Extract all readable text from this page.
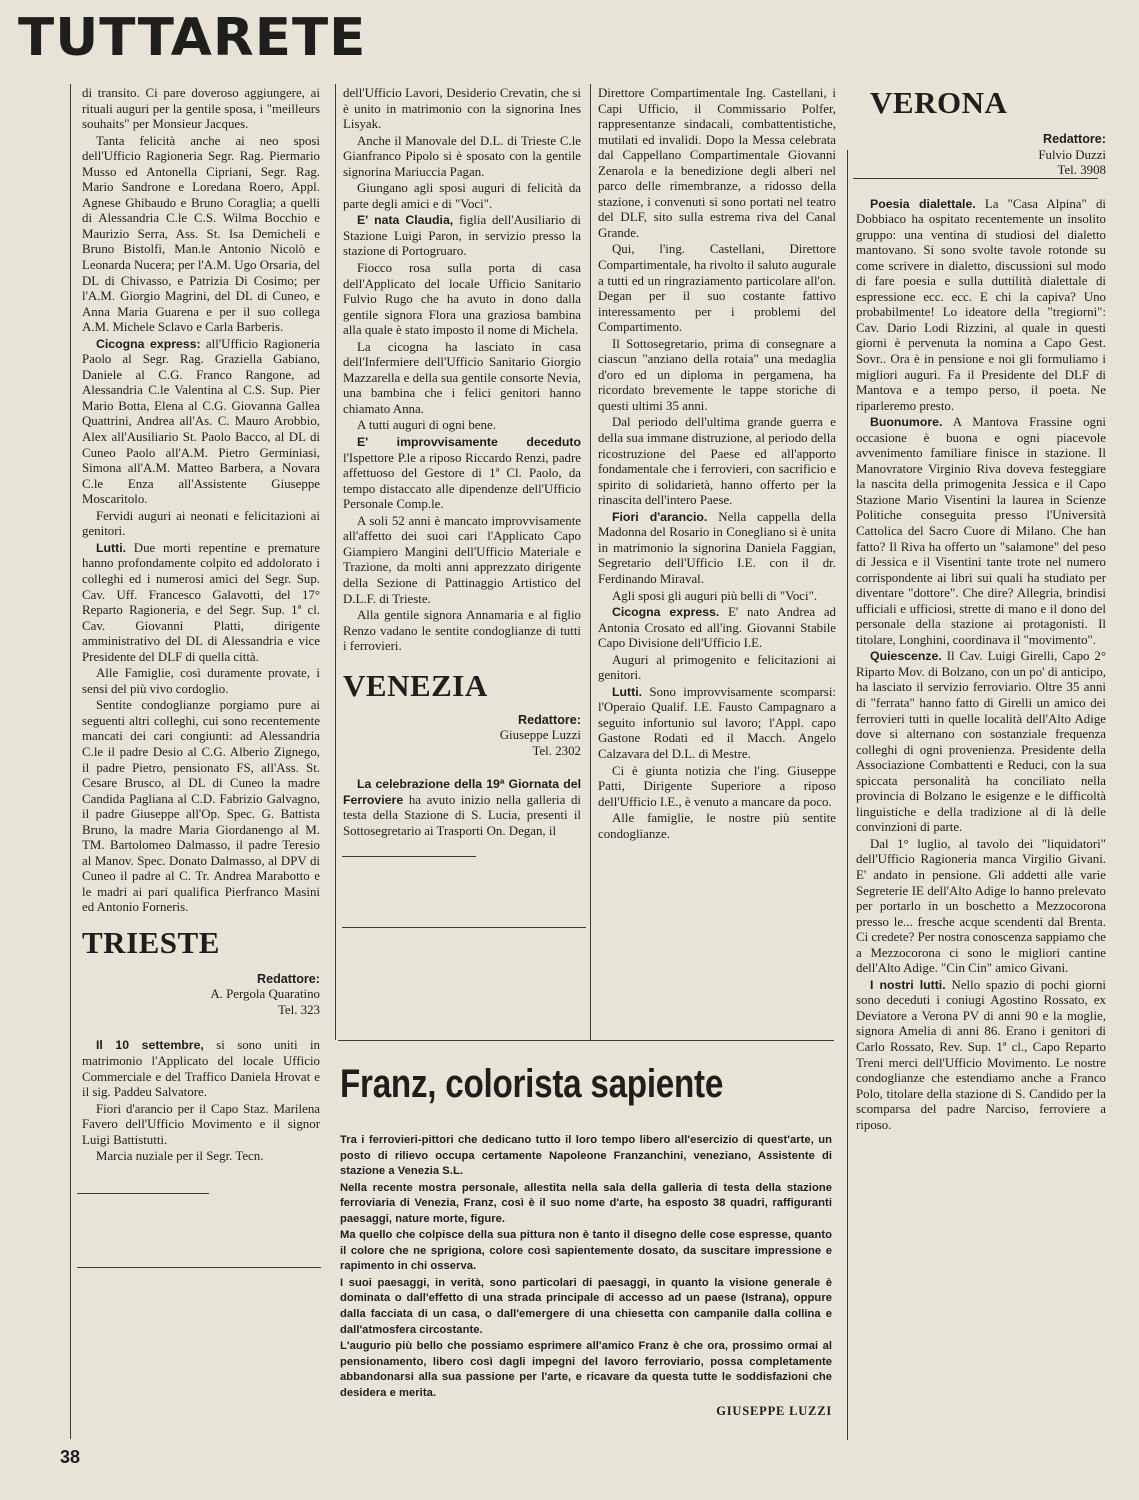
TUTTARETE

di transito. Ci pare doveroso aggiungere, ai rituali auguri per la gentile sposa, i "meilleurs souhaits" per Monsieur Jacques.

Tanta felicità anche ai neo sposi dell'Ufficio Ragioneria Segr. Rag. Piermario Musso ed Antonella Cipriani, Segr. Rag. Mario Sandrone e Loredana Roero, Appl. Agnese Ghibaudo e Bruno Coraglia; a quelli di Alessandria C.le C.S. Wilma Bocchio e Maurizio Serra, Ass. St. Isa Demicheli e Bruno Bistolfi, Man.le Antonio Nicolò e Leonarda Nucera; per l'A.M. Ugo Orsaria, del DL di Chivasso, e Patrizia Di Cosimo; per l'A.M. Giorgio Magrini, del DL di Cuneo, e Anna Maria Guarena e per il suo collega A.M. Michele Sclavo e Carla Barberis.

Cicogna express: all'Ufficio Ragioneria Paolo al Segr. Rag. Graziella Gabiano, Daniele al C.G. Franco Rangone, ad Alessandria C.le Valentina al C.S. Sup. Pier Mario Botta, Elena al C.G. Giovanna Gallea Quattrini, Andrea all'As. C. Mauro Arobbio, Alex all'Ausiliario St. Paolo Bacco, al DL di Cuneo Paolo all'A.M. Pietro Germiniasi, Simona all'A.M. Matteo Barbera, a Novara C.le Enza all'Assistente Giuseppe Moscaritolo.

Fervidi auguri ai neonati e felicitazioni ai genitori.

Lutti. Due morti repentine e premature hanno profondamente colpito ed addolorato i colleghi ed i numerosi amici del Segr. Sup. Cav. Uff. Francesco Galavotti, del 17° Reparto Ragioneria, e del Segr. Sup. 1ª cl. Cav. Giovanni Platti, dirigente amministrativo del DL di Alessandria e vice Presidente del DLF di quella città.

Alle Famiglie, così duramente provate, i sensi del più vivo cordoglio.

Sentite condoglianze porgiamo pure ai seguenti altri colleghi, cui sono recentemente mancati dei cari congiunti: ad Alessandria C.le il padre Desio al C.G. Alberio Zignego, il padre Pietro, pensionato FS, all'Ass. St. Cesare Brusco, al DL di Cuneo la madre Candida Pagliana al C.D. Fabrizio Galvagno, il padre Giuseppe all'Op. Spec. G. Battista Bruno, la madre Maria Giordanengo al M. TM. Bartolomeo Dalmasso, il padre Teresio al Manov. Spec. Donato Dalmasso, al DPV di Cuneo il padre al C. Tr. Andrea Marabotto e le madri ai pari qualifica Pierfranco Masini ed Antonio Forneris.

TRIESTE
Redattore:
A. Pergola Quaratino
Tel. 323

Il 10 settembre, si sono uniti in matrimonio l'Applicato del locale Ufficio Commerciale e del Traffico Daniela Hrovat e il sig. Paddeu Salvatore.

Fiori d'arancio per il Capo Staz. Marilena Favero dell'Ufficio Movimento e il signor Luigi Battistutti.

Marcia nuziale per il Segr. Tecn.

dell'Ufficio Lavori, Desiderio Crevatin, che si è unito in matrimonio con la signorina Ines Lisyak.

Anche il Manovale del D.L. di Trieste C.le Gianfranco Pipolo si è sposato con la gentile signorina Mariuccia Pagan.

Giungano agli sposi auguri di felicità da parte degli amici e di "Voci".

E' nata Claudia, figlia dell'Ausiliario di Stazione Luigi Paron, in servizio presso la stazione di Portogruaro.

Fiocco rosa sulla porta di casa dell'Applicato del locale Ufficio Sanitario Fulvio Rugo che ha avuto in dono dalla gentile signora Flora una graziosa bambina alla quale è stato imposto il nome di Michela.

La cicogna ha lasciato in casa dell'Infermiere dell'Ufficio Sanitario Giorgio Mazzarella e della sua gentile consorte Nevia, una bambina che i felici genitori hanno chiamato Anna.

A tutti auguri di ogni bene.

E' improvvisamente deceduto l'Ispettore P.le a riposo Riccardo Renzi, padre affettuoso del Gestore di 1ª Cl. Paolo, da tempo distaccato alle dipendenze dell'Ufficio Personale Comp.le.

A soli 52 anni è mancato improvvisamente all'affetto dei suoi cari l'Applicato Capo Giampiero Mangini dell'Ufficio Materiale e Trazione, da molti anni apprezzato dirigente della Sezione di Pattinaggio Artistico del D.L.F. di Trieste.

Alla gentile signora Annamaria e al figlio Renzo vadano le sentite condoglianze di tutti i ferrovieri.

VENEZIA
Redattore:
Giuseppe Luzzi
Tel. 2302

La celebrazione della 19ª Giornata del Ferroviere ha avuto inizio nella galleria di testa della Stazione di S. Lucia, presenti il Sottosegretario ai Trasporti On. Degan, il

Direttore Compartimentale Ing. Castellani, i Capi Ufficio, il Commissario Polfer, rappresentanze sindacali, combattentistiche, mutilati ed invalidi. Dopo la Messa celebrata dal Cappellano Compartimentale Giovanni Zenarola e la benedizione degli alberi nel parco delle rimembranze, a ridosso della stazione, i convenuti si sono portati nel teatro del DLF, sito sulla estrema riva del Canal Grande.

Qui, l'ing. Castellani, Direttore Compartimentale, ha rivolto il saluto augurale a tutti ed un ringraziamento particolare all'on. Degan per il suo costante fattivo interessamento per i problemi del Compartimento.

Il Sottosegretario, prima di consegnare a ciascun "anziano della rotaia" una medaglia d'oro ed un diploma in pergamena, ha ricordato brevemente le tappe storiche di questi ultimi 35 anni.

Dal periodo dell'ultima grande guerra e della sua immane distruzione, al periodo della ricostruzione del Paese ed all'apporto fondamentale che i ferrovieri, con sacrificio e spirito di solidarietà, hanno offerto per la rinascita dell'intero Paese.

Fiori d'arancio. Nella cappella della Madonna del Rosario in Conegliano si è unita in matrimonio la signorina Daniela Faggian, Segretario dell'Ufficio I.E. con il dr. Ferdinando Miraval.

Agli sposi gli auguri più belli di "Voci".

Cicogna express. E' nato Andrea ad Antonia Crosato ed all'ing. Giovanni Stabile Capo Divisione dell'Ufficio I.E.

Auguri al primogenito e felicitazioni ai genitori.

Lutti. Sono improvvisamente scomparsi: l'Operaio Qualif. I.E. Fausto Campagnaro a seguito infortunio sul lavoro; l'Appl. capo Gastone Rodati ed il Macch. Angelo Calzavara del D.L. di Mestre.

Ci è giunta notizia che l'ing. Giuseppe Patti, Dirigente Superiore a riposo dell'Ufficio I.E., è venuto a mancare da poco.

Alle famiglie, le nostre più sentite condoglianze.

VERONA
Redattore:
Fulvio Duzzi
Tel. 3908

Poesia dialettale. La "Casa Alpina" di Dobbiaco ha ospitato recentemente un insolito gruppo: una ventina di studiosi del dialetto mantovano. Si sono svolte tavole rotonde su come scrivere in dialetto, discussioni sul modo di fare poesia e sulla duttilità dialettale di espressione ecc. ecc. E chi la capiva? Uno probabilmente! Lo ideatore della "tregiorni": Cav. Dario Lodi Rizzini, al quale in questi giorni è pervenuta la nomina a Capo Gest. Sovr.. Ora è in pensione e noi gli formuliamo i migliori auguri. Fa il Presidente del DLF di Mantova e a tempo perso, il poeta. Ne riparleremo presto.

Buonumore. A Mantova Frassine ogni occasione è buona e ogni piacevole avvenimento familiare finisce in stazione. Il Manovratore Virginio Riva doveva festeggiare la nascita della primogenita Jessica e il Capo Stazione Mario Visentini la laurea in Scienze Politiche conseguita presso l'Università Cattolica del Sacro Cuore di Milano. Che han fatto? Il Riva ha offerto un "salamone" del peso di Jessica e il Visentini tante trote nel numero corrispondente ai libri sui quali ha studiato per diventare "dottore". Che dire? Allegria, brindisi ufficiali e ufficiosi, strette di mano e il dono del personale della stazione ai protagonisti. Il titolare, Longhini, coordinava il "movimento".

Quiescenze. Il Cav. Luigi Girelli, Capo 2° Riparto Mov. di Bolzano, con un po' di anticipo, ha lasciato il servizio ferroviario. Oltre 35 anni di "ferrata" hanno fatto di Girelli un amico dei ferrovieri tutti in quelle località dell'Alto Adige dove si alternano con sostanziale frequenza colleghi di ogni provenienza. Presidente della Associazione Combattenti e Reduci, con la sua spiccata personalità ha conciliato nella provincia di Bolzano le esigenze e le difficoltà linguistiche e della tradizione al di là delle convinzioni di parte.

Dal 1° luglio, al tavolo dei "liquidatori" dell'Ufficio Ragioneria manca Virgilio Givani. E' andato in pensione. Gli addetti alle varie Segreterie IE dell'Alto Adige lo hanno prelevato per portarlo in un boschetto a Mezzocorona presso le... fresche acque scendenti dal Brenta. Ci credete? Per nostra conoscenza sappiamo che a Mezzocorona ci sono le migliori cantine dell'Alto Adige. "Cin Cin" amico Givani.

I nostri lutti. Nello spazio di pochi giorni sono deceduti i coniugi Agostino Rossato, ex Deviatore a Verona PV di anni 90 e la moglie, signora Amelia di anni 86. Erano i genitori di Carlo Rossato, Rev. Sup. 1ª cl., Capo Reparto Treni merci dell'Ufficio Movimento. Le nostre condoglianze che estendiamo anche a Franco Polo, titolare della stazione di S. Candido per la scomparsa del padre Narciso, ferroviere a riposo.

Franz, colorista sapiente

Tra i ferrovieri-pittori che dedicano tutto il loro tempo libero all'esercizio di quest'arte, un posto di rilievo occupa certamente Napoleone Franzanchini, veneziano, Assistente di stazione a Venezia S.L.

Nella recente mostra personale, allestita nella sala della galleria di testa della stazione ferroviaria di Venezia, Franz, così è il suo nome d'arte, ha esposto 38 quadri, raffiguranti paesaggi, nature morte, figure.

Ma quello che colpisce della sua pittura non è tanto il disegno delle cose espresse, quanto il colore che ne sprigiona, colore così sapientemente dosato, da suscitare impressione e rapimento in chi osserva.

I suoi paesaggi, in verità, sono particolari di paesaggi, in quanto la visione generale è dominata o dall'effetto di una strada principale di accesso ad un paese (Istrana), oppure dalla facciata di un casa, o dall'emergere di una chiesetta con campanile dalla collina e dall'atmosfera circostante.

L'augurio più bello che possiamo esprimere all'amico Franz è che ora, prossimo ormai al pensionamento, libero così dagli impegni del lavoro ferroviario, possa completamente abbandonarsi alla sua passione per l'arte, e ricavare da questa tutte le soddisfazioni che desidera e merita.

GIUSEPPE LUZZI
38
